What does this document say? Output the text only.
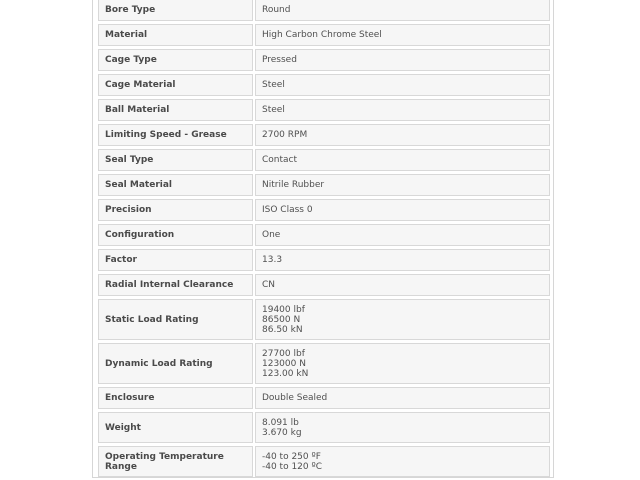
Bore Type	Round

Material	High Carbon Chrome Steel

Cage Type	Pressed

Cage Material	Steel

Ball Material	Steel

Limiting Speed - Grease	2700 RPM

Seal Type	Contact

Seal Material	Nitrile Rubber

Precision	ISO Class 0

Configuration	One

Factor	13.3

Radial Internal Clearance	CN

Static Load Rating	19400 lbf
86500 N
86.50 kN

Dynamic Load Rating	27700 lbf
123000 N
123.00 kN

Enclosure	Double Sealed

Weight	8.091 lb
3.670 kg

Operating Temperature Range	-40 to 250 ºF
-40 to 120 ºC
